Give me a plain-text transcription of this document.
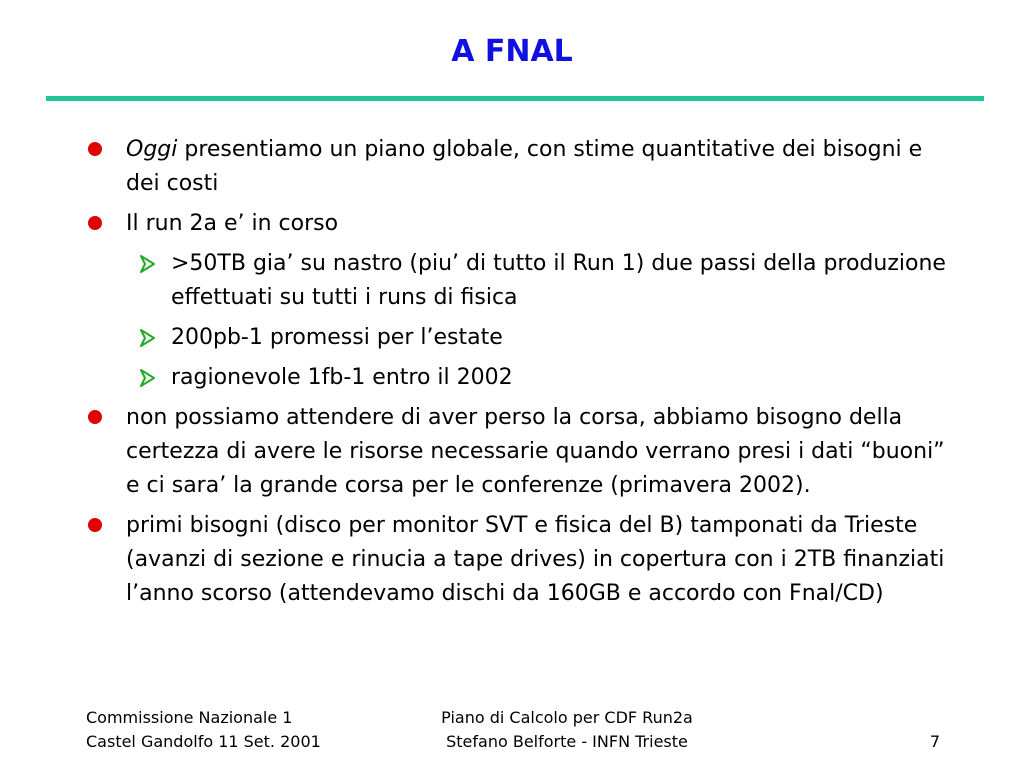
A FNAL
Oggi presentiamo un piano globale, con stime quantitative dei bisogni e dei costi
Il run 2a e’ in corso
>50TB gia’ su nastro (piu’ di tutto il Run 1) due passi della produzione effettuati su tutti i runs di fisica
200pb-1 promessi per l’estate
ragionevole 1fb-1 entro il 2002
non possiamo attendere di aver perso la corsa, abbiamo bisogno della certezza di avere le risorse necessarie quando verrano presi i dati “buoni” e ci sara’ la grande corsa per le conferenze (primavera 2002).
primi bisogni (disco per monitor SVT e fisica del B) tamponati da Trieste (avanzi di sezione e rinucia a tape drives) in copertura con i 2TB finanziati l’anno scorso (attendevamo dischi da 160GB e accordo con Fnal/CD)
Commissione Nazionale 1
Castel Gandolfo 11 Set. 2001
Piano di Calcolo per CDF Run2a
Stefano Belforte - INFN Trieste	7
